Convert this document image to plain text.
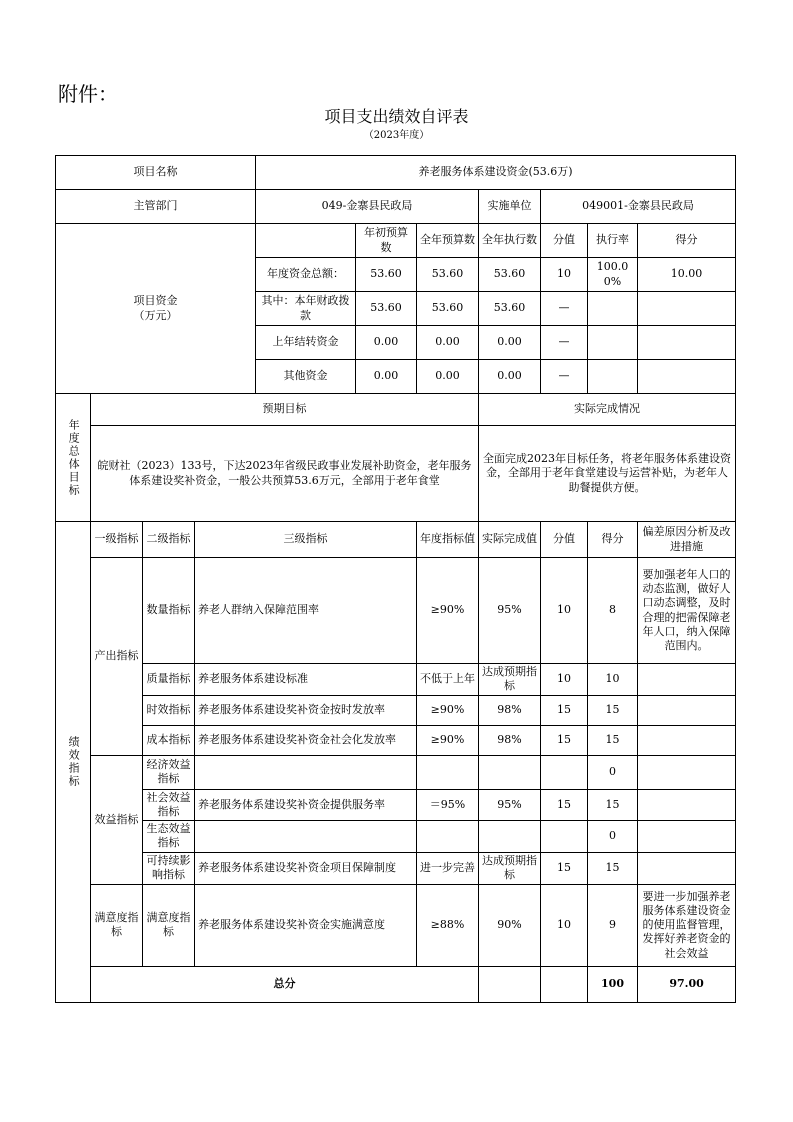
附件：
项目支出绩效自评表
（2023年度）
项目名称				养老服务体系建设资金(53.6万)							
主管部门				049-金寨县民政局			实施单位	049001-金寨县民政局			
项目资金
（万元）					年初预算数	全年预算数	全年执行数	分值	执行率	得分	
				年度资金总额：	53.60	53.60	53.60	10	100.00%	10.00	
				其中：本年财政拨款	53.60	53.60	53.60	—			
				上年结转资金	0.00	0.00	0.00	—			
				其他资金	0.00	0.00	0.00	—			
年度总体目标	预期目标						实际完成情况				
	皖财社（2023）133号，下达2023年省级民政事业发展补助资金，老年服务体系建设奖补资金，一般公共预算53.6万元，全部用于老年食堂						全面完成2023年目标任务，将老年服务体系建设资金，全部用于老年食堂建设与运营补贴，为老年人助餐提供方便。				
绩效指标	一级指标	二级指标	三级指标			年度指标值	实际完成值	分值	得分	偏差原因分析及改进措施	
	产出指标	数量指标	养老人群纳入保障范围率			≥90%	95%	10	8	要加强老年人口的动态监测，做好人口动态调整，及时合理的把需保障老年人口，纳入保障范围内。	
		质量指标	养老服务体系建设标准			不低于上年	达成预期指标	10	10		
		时效指标	养老服务体系建设奖补资金按时发放率			≥90%	98%	15	15		
		成本指标	养老服务体系建设奖补资金社会化发放率			≥90%	98%	15	15		
	效益指标	经济效益指标							0		
		社会效益指标	养老服务体系建设奖补资金提供服务率			＝95%	95%	15	15		
		生态效益指标							0		
		可持续影响指标	养老服务体系建设奖补资金项目保障制度			进一步完善	达成预期指标	15	15		
	满意度指标	满意度指标	养老服务体系建设奖补资金实施满意度			≥88%	90%	10	9	要进一步加强养老服务体系建设资金的使用监督管理，发挥好养老资金的社会效益	
	总分								100	97.00	
